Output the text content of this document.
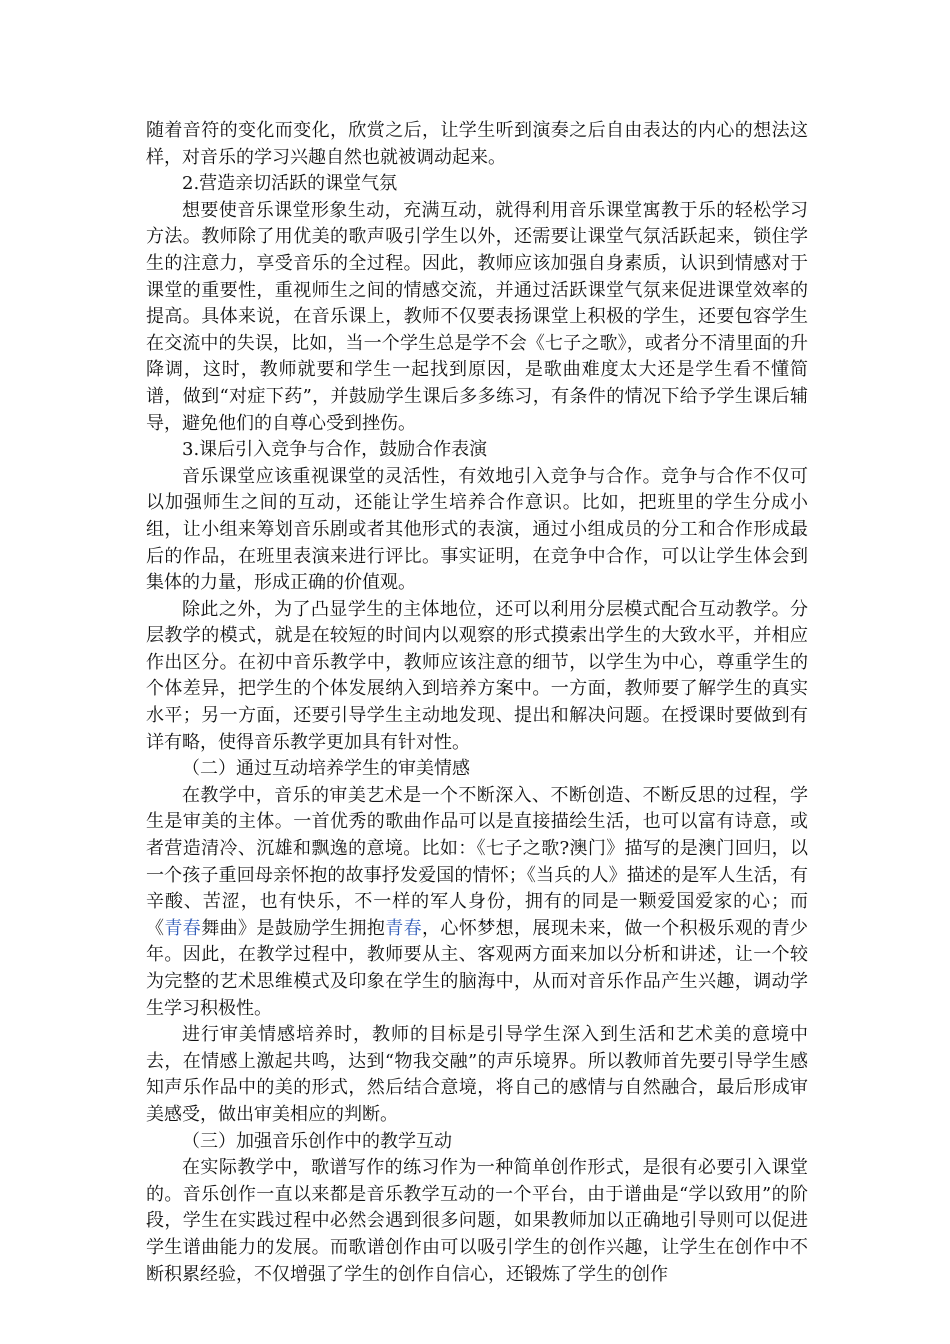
随着音符的变化而变化，欣赏之后，让学生听到演奏之后自由表达的内心的想法这样，对音乐的学习兴趣自然也就被调动起来。

2.营造亲切活跃的课堂气氛

想要使音乐课堂形象生动，充满互动，就得利用音乐课堂寓教于乐的轻松学习方法。教师除了用优美的歌声吸引学生以外，还需要让课堂气氛活跃起来，锁住学生的注意力，享受音乐的全过程。因此，教师应该加强自身素质，认识到情感对于课堂的重要性，重视师生之间的情感交流，并通过活跃课堂气氛来促进课堂效率的提高。具体来说，在音乐课上，教师不仅要表扬课堂上积极的学生，还要包容学生在交流中的失误，比如，当一个学生总是学不会《七子之歌》，或者分不清里面的升降调，这时，教师就要和学生一起找到原因，是歌曲难度太大还是学生看不懂简谱，做到“对症下药”，并鼓励学生课后多多练习，有条件的情况下给予学生课后辅导，避免他们的自尊心受到挫伤。

3.课后引入竞争与合作，鼓励合作表演

音乐课堂应该重视课堂的灵活性，有效地引入竞争与合作。竞争与合作不仅可以加强师生之间的互动，还能让学生培养合作意识。比如，把班里的学生分成小组，让小组来筹划音乐剧或者其他形式的表演，通过小组成员的分工和合作形成最后的作品，在班里表演来进行评比。事实证明，在竞争中合作，可以让学生体会到集体的力量，形成正确的价值观。

除此之外，为了凸显学生的主体地位，还可以利用分层模式配合互动教学。分层教学的模式，就是在较短的时间内以观察的形式摸索出学生的大致水平，并相应作出区分。在初中音乐教学中，教师应该注意的细节，以学生为中心，尊重学生的个体差异，把学生的个体发展纳入到培养方案中。一方面，教师要了解学生的真实水平；另一方面，还要引导学生主动地发现、提出和解决问题。在授课时要做到有详有略，使得音乐教学更加具有针对性。

（二）通过互动培养学生的审美情感

在教学中，音乐的审美艺术是一个不断深入、不断创造、不断反思的过程，学生是审美的主体。一首优秀的歌曲作品可以是直接描绘生活，也可以富有诗意，或者营造清冷、沉雄和飘逸的意境。比如：《七子之歌?澳门》描写的是澳门回归，以一个孩子重回母亲怀抱的故事抒发爱国的情怀；《当兵的人》描述的是军人生活，有辛酸、苦涩，也有快乐，不一样的军人身份，拥有的同是一颗爱国爱家的心；而《青春舞曲》是鼓励学生拥抱青春，心怀梦想，展现未来，做一个积极乐观的青少年。因此，在教学过程中，教师要从主、客观两方面来加以分析和讲述，让一个较为完整的艺术思维模式及印象在学生的脑海中，从而对音乐作品产生兴趣，调动学生学习积极性。

进行审美情感培养时，教师的目标是引导学生深入到生活和艺术美的意境中去，在情感上激起共鸣，达到“物我交融”的声乐境界。所以教师首先要引导学生感知声乐作品中的美的形式，然后结合意境，将自己的感情与自然融合，最后形成审美感受，做出审美相应的判断。

（三）加强音乐创作中的教学互动

在实际教学中，歌谱写作的练习作为一种简单创作形式，是很有必要引入课堂的。音乐创作一直以来都是音乐教学互动的一个平台，由于谱曲是“学以致用”的阶段，学生在实践过程中必然会遇到很多问题，如果教师加以正确地引导则可以促进学生谱曲能力的发展。而歌谱创作由可以吸引学生的创作兴趣，让学生在创作中不断积累经验，不仅增强了学生的创作自信心，还锻炼了学生的创作
